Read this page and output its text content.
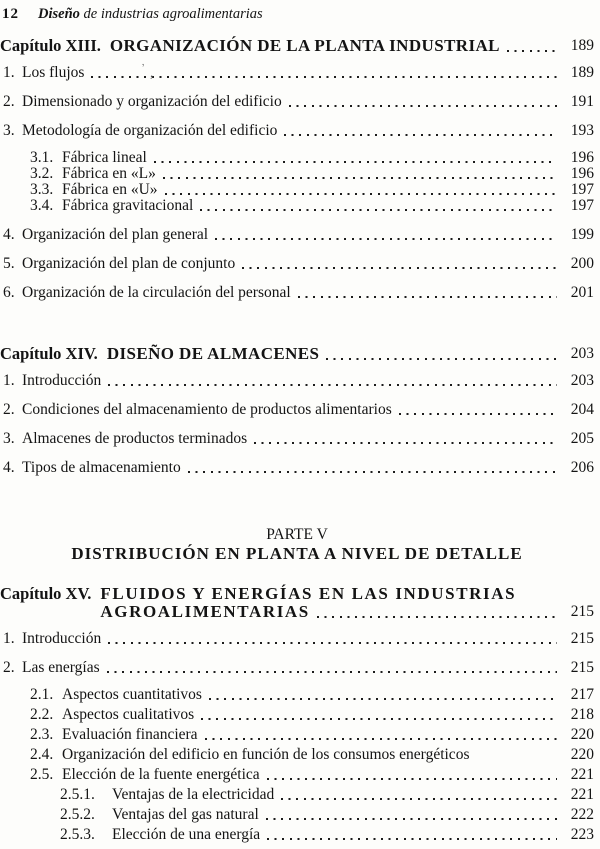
12	Diseño de industrias agroalimentarias
Capítulo XIII. ORGANIZACIÓN DE LA PLANTA INDUSTRIAL	189
1. Los flujos	189
2. Dimensionado y organización del edificio	191
3. Metodología de organización del edificio	193
3.1. Fábrica lineal	196
3.2. Fábrica en «L»	196
3.3. Fábrica en «U»	197
3.4. Fábrica gravitacional	197
4. Organización del plan general	199
5. Organización del plan de conjunto	200
6. Organización de la circulación del personal	201
Capítulo XIV. DISEÑO DE ALMACENES	203
1. Introducción	203
2. Condiciones del almacenamiento de productos alimentarios	204
3. Almacenes de productos terminados	205
4. Tipos de almacenamiento	206
PARTE V
DISTRIBUCIÓN EN PLANTA A NIVEL DE DETALLE
Capítulo XV. FLUIDOS Y ENERGÍAS EN LAS INDUSTRIAS
AGROALIMENTARIAS	215
1. Introducción	215
2. Las energías	215
2.1. Aspectos cuantitativos	217
2.2. Aspectos cualitativos	218
2.3. Evaluación financiera	220
2.4. Organización del edificio en función de los consumos energéticos	220
2.5. Elección de la fuente energética	221
2.5.1.	Ventajas de la electricidad	221
2.5.2.	Ventajas del gas natural	222
2.5.3.	Elección de una energía	223
,
’
